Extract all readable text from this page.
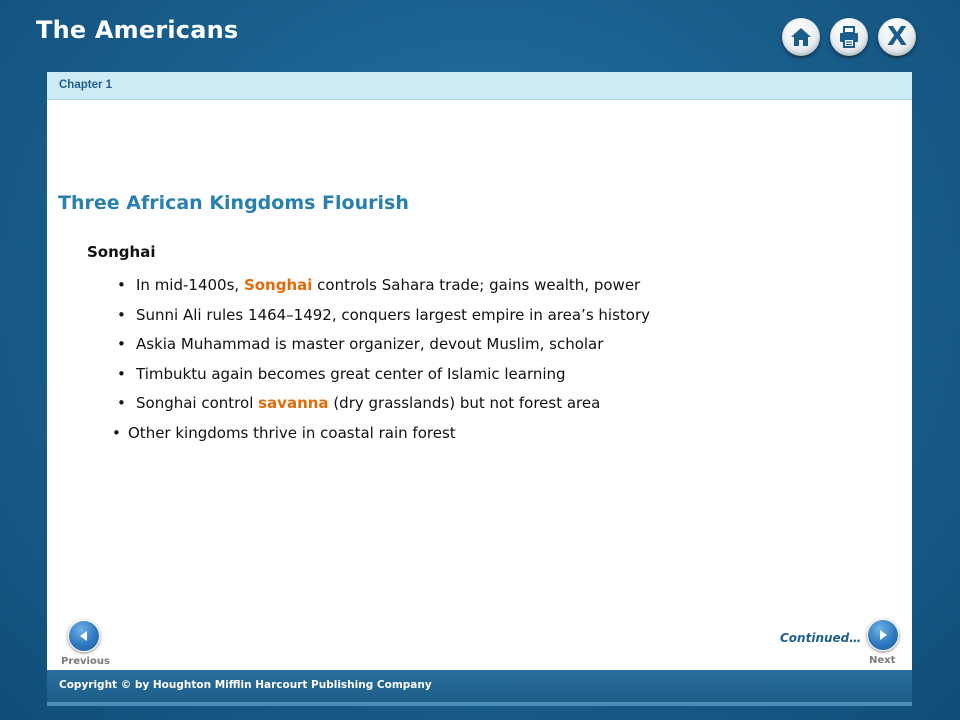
The Americans	X
Chapter 1
Three African Kingdoms Flourish
Songhai
• In mid-1400s, Songhai controls Sahara trade; gains wealth, power
• Sunni Ali rules 1464–1492, conquers largest empire in area’s history
• Askia Muhammad is master organizer, devout Muslim, scholar
• Timbuktu again becomes great center of Islamic learning
• Songhai control savanna (dry grasslands) but not forest area
• Other kingdoms thrive in coastal rain forest
Previous
Continued…
Next
Copyright © by Houghton Mifflin Harcourt Publishing Company
